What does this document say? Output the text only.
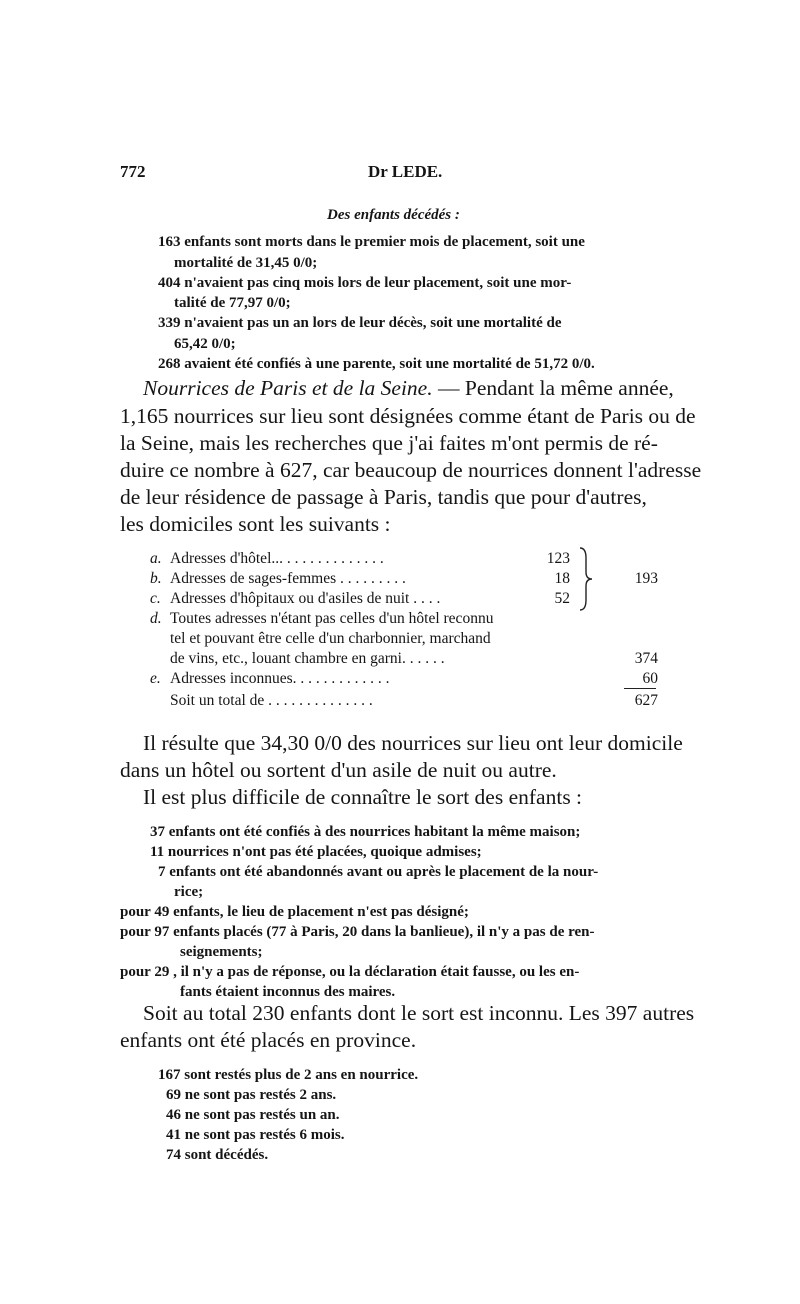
772	Dr LEDE.
Des enfants décédés :
163 enfants sont morts dans le premier mois de placement, soit une
mortalité de 31,45 0/0;
404 n'avaient pas cinq mois lors de leur placement, soit une mor-
talité de 77,97 0/0;
339 n'avaient pas un an lors de leur décès, soit une mortalité de
65,42 0/0;
268 avaient été confiés à une parente, soit une mortalité de 51,72 0/0.
Nourrices de Paris et de la Seine. — Pendant la même année,
1,165 nourrices sur lieu sont désignées comme étant de Paris ou de
la Seine, mais les recherches que j'ai faites m'ont permis de ré-
duire ce nombre à 627, car beaucoup de nourrices donnent l'adresse
de leur résidence de passage à Paris, tandis que pour d'autres,
les domiciles sont les suivants :
a. Adresses d'hôtel... . . . . . . . . . . . . .	123
b. Adresses de sages-femmes . . . . . . . . .	18
c. Adresses d'hôpitaux ou d'asiles de nuit . . . .	52
193
d. Toutes adresses n'étant pas celles d'un hôtel reconnu
tel et pouvant être celle d'un charbonnier, marchand
de vins, etc., louant chambre en garni. . . . . .	374
e. Adresses inconnues. . . . . . . . . . . . .	60
Soit un total de . . . . . . . . . . . . . .	627
Il résulte que 34,30 0/0 des nourrices sur lieu ont leur domicile
dans un hôtel ou sortent d'un asile de nuit ou autre.
Il est plus difficile de connaître le sort des enfants :
37 enfants ont été confiés à des nourrices habitant la même maison;
11 nourrices n'ont pas été placées, quoique admises;
7 enfants ont été abandonnés avant ou après le placement de la nour-
rice;
pour 49 enfants, le lieu de placement n'est pas désigné;
pour 97 enfants placés (77 à Paris, 20 dans la banlieue), il n'y a pas de ren-
seignements;
pour 29 , il n'y a pas de réponse, ou la déclaration était fausse, ou les en-
fants étaient inconnus des maires.
Soit au total 230 enfants dont le sort est inconnu. Les 397 autres
enfants ont été placés en province.
167 sont restés plus de 2 ans en nourrice.
69 ne sont pas restés 2 ans.
46 ne sont pas restés un an.
41 ne sont pas restés 6 mois.
74 sont décédés.
